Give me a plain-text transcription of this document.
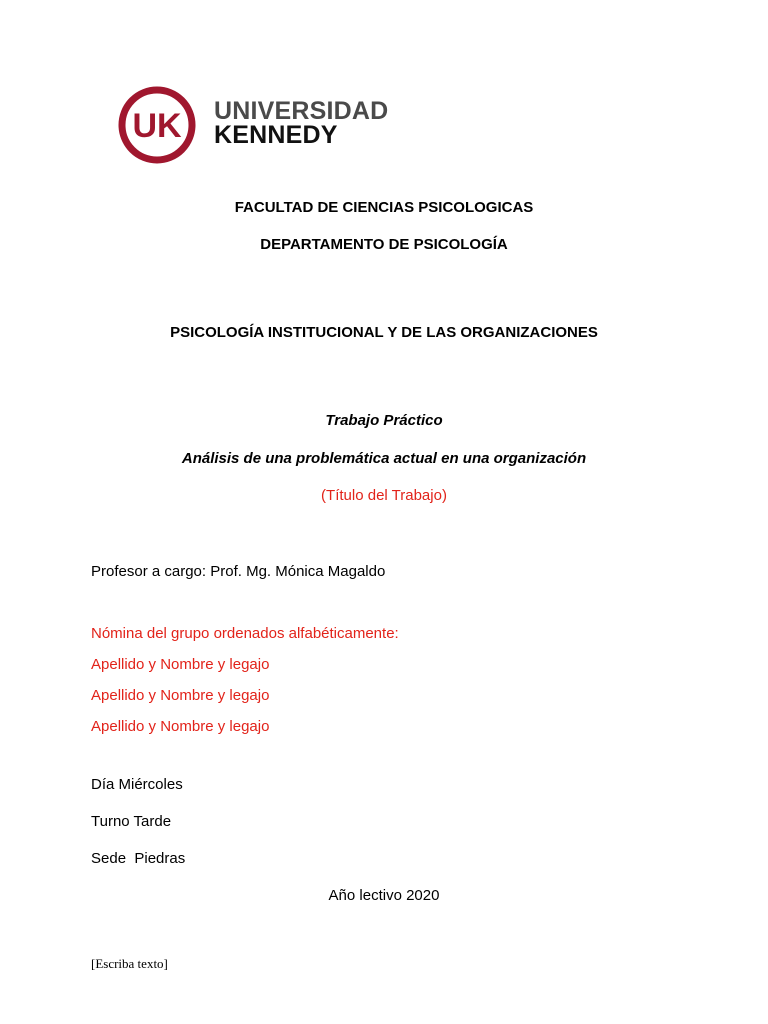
UK UNIVERSIDAD
KENNEDY
FACULTAD DE CIENCIAS PSICOLOGICAS
DEPARTAMENTO DE PSICOLOGÍA
PSICOLOGÍA INSTITUCIONAL Y DE LAS ORGANIZACIONES
Trabajo Práctico
Análisis de una problemática actual en una organización
(Título del Trabajo)
Profesor a cargo: Prof. Mg. Mónica Magaldo
Nómina del grupo ordenados alfabéticamente:
Apellido y Nombre y legajo
Apellido y Nombre y legajo
Apellido y Nombre y legajo
Día Miércoles
Turno Tarde
Sede  Piedras
Año lectivo 2020
[Escriba texto]
